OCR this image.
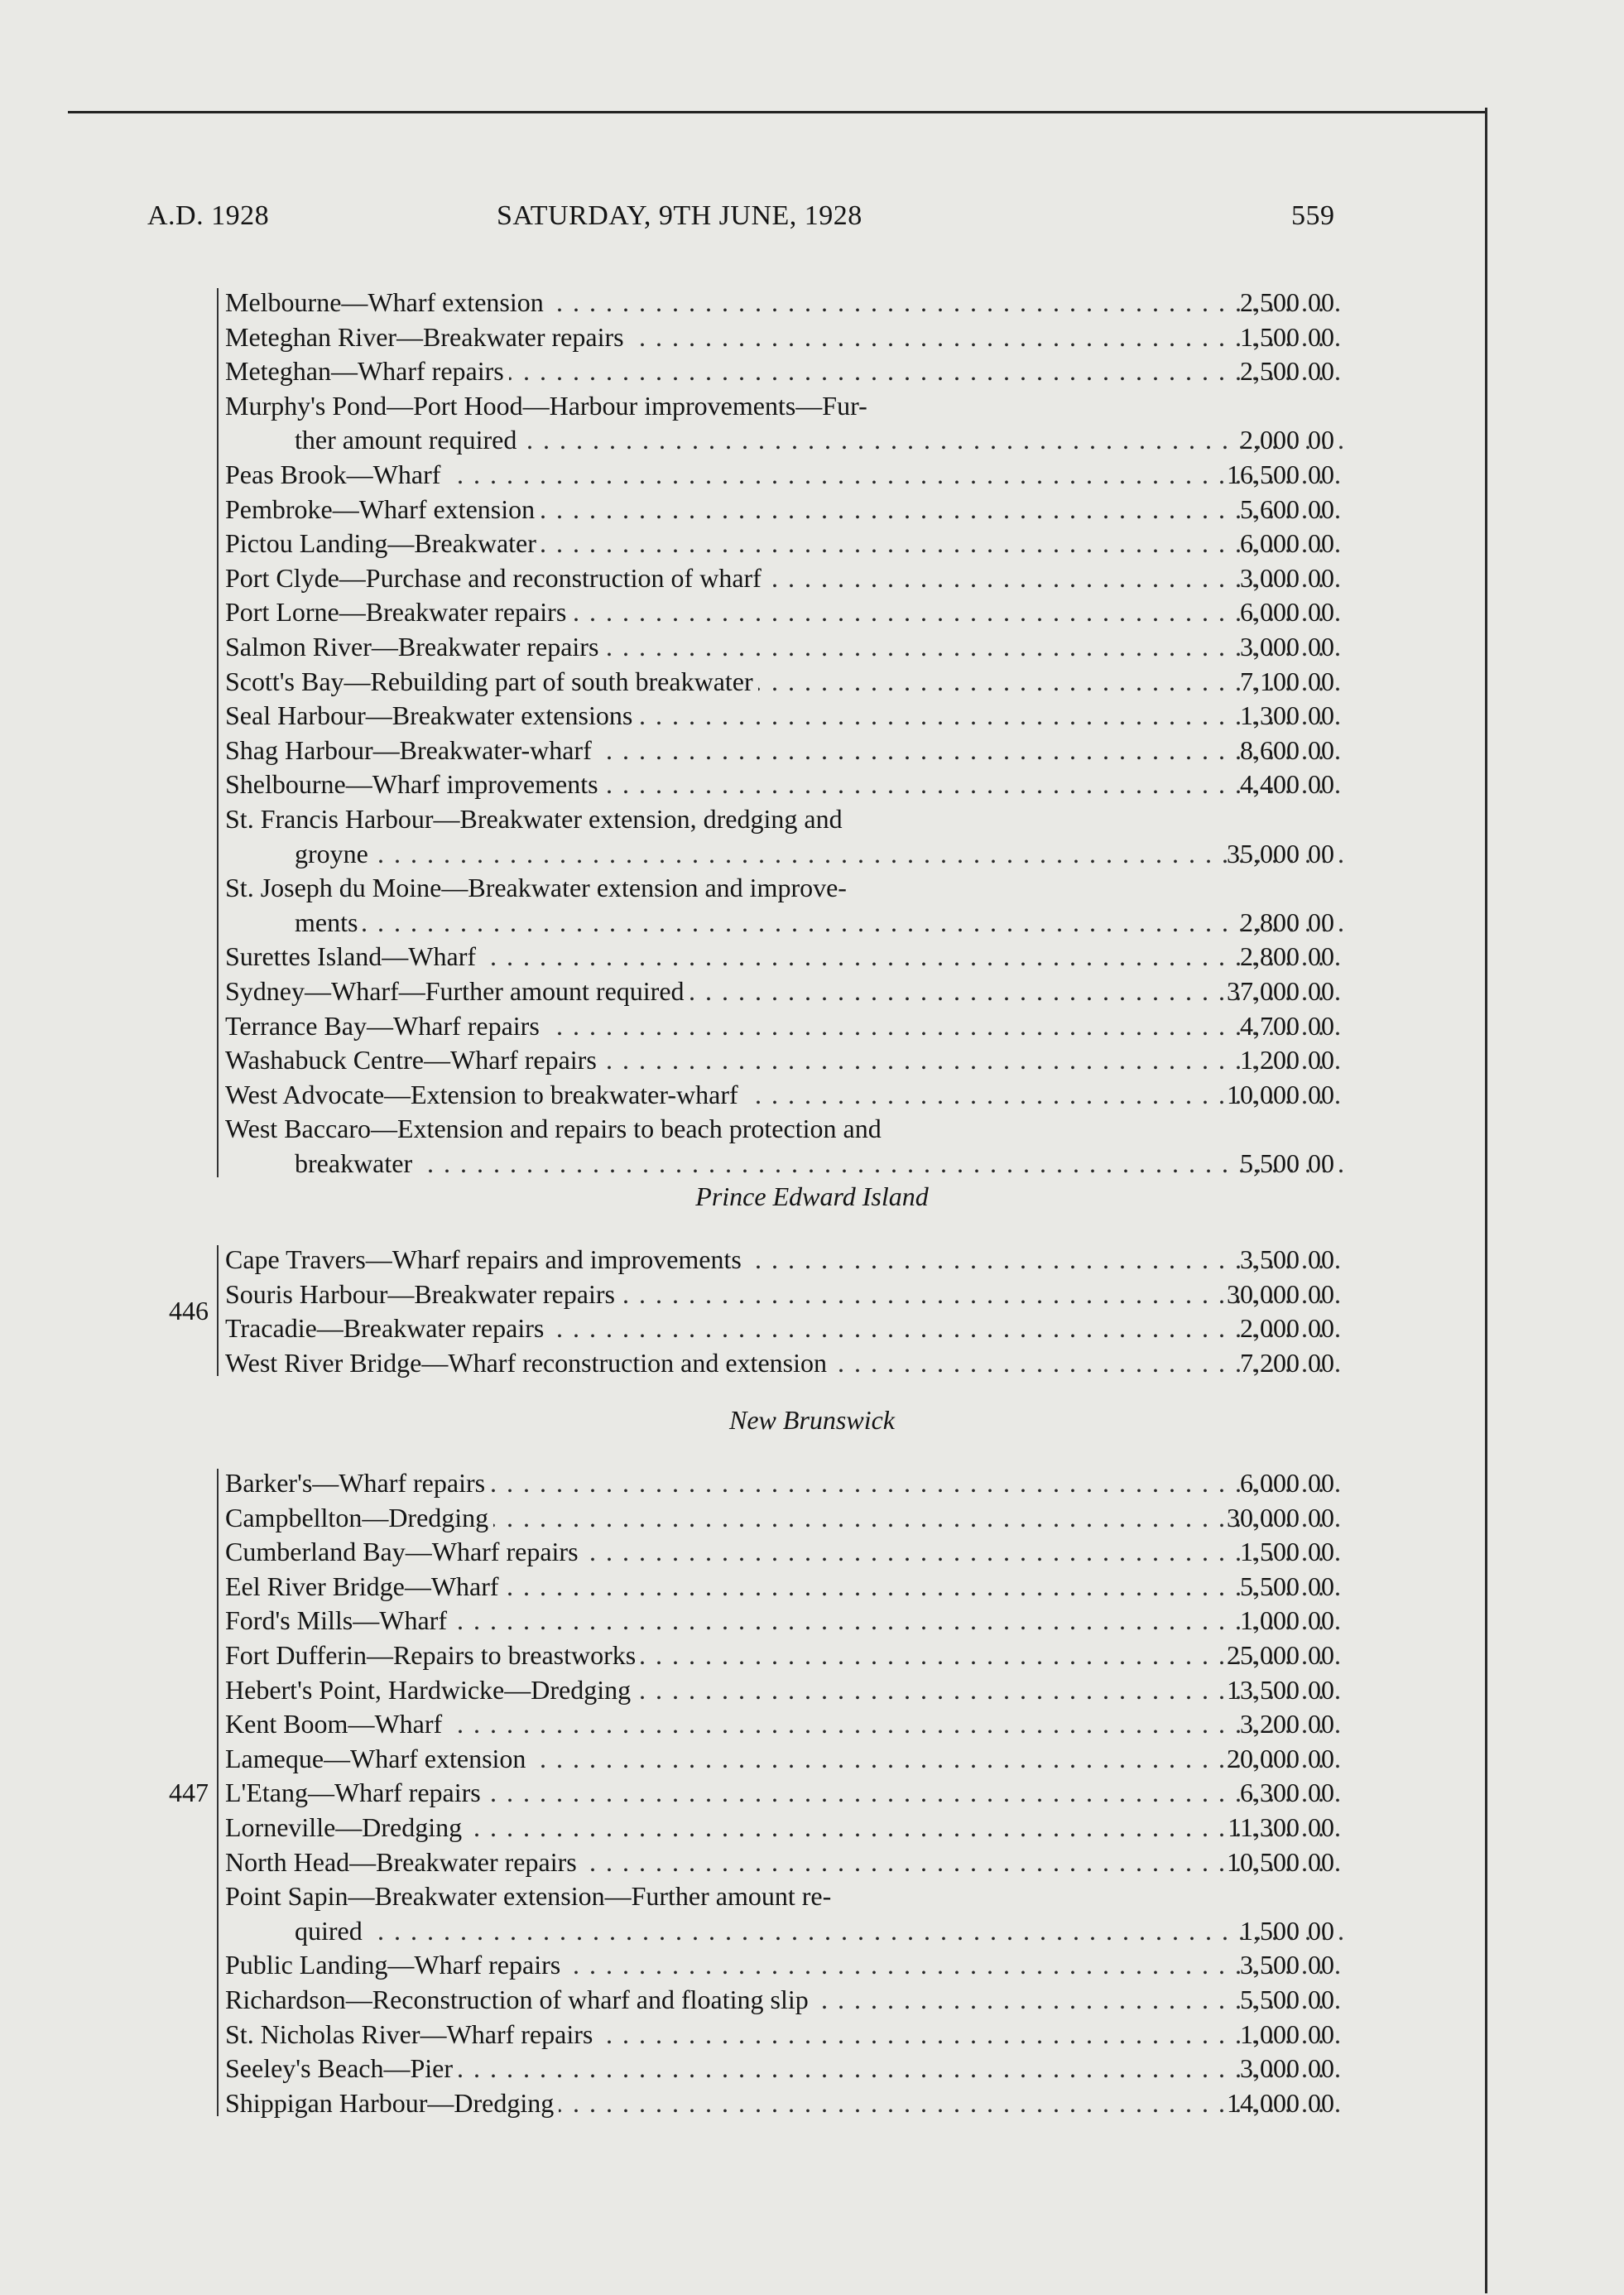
A.D. 1928	SATURDAY, 9TH JUNE, 1928	559
Melbourne—Wharf extension . . .	2,500 00
Meteghan River—Breakwater repairs . . .	1,500 00
Meteghan—Wharf repairs . . .	2,500 00
Murphy's Pond—Port Hood—Harbour improvements—Fur-
ther amount required . . .	2,000 00
Peas Brook—Wharf . . .	16,500 00
Pembroke—Wharf extension . . .	5,600 00
Pictou Landing—Breakwater . . .	6,000 00
Port Clyde—Purchase and reconstruction of wharf . . .	3,000 00
Port Lorne—Breakwater repairs . . .	6,000 00
Salmon River—Breakwater repairs . . .	3,000 00
Scott's Bay—Rebuilding part of south breakwater . . .	7,100 00
Seal Harbour—Breakwater extensions . . .	1,300 00
Shag Harbour—Breakwater-wharf . . .	8,600 00
Shelbourne—Wharf improvements . . .	4,400 00
St. Francis Harbour—Breakwater extension, dredging and
groyne . . .	35,000 00
St. Joseph du Moine—Breakwater extension and improve-
ments . . .	2,800 00
Surettes Island—Wharf . . .	2,800 00
Sydney—Wharf—Further amount required . . .	37,000 00
Terrance Bay—Wharf repairs . . .	4,700 00
Washabuck Centre—Wharf repairs . . .	1,200 00
West Advocate—Extension to breakwater-wharf . . .	10,000 00
West Baccaro—Extension and repairs to beach protection and
breakwater . . .	5,500 00
Prince Edward Island
Cape Travers—Wharf repairs and improvements . . .	3,500 00
Souris Harbour—Breakwater repairs . . .	30,000 00
Tracadie—Breakwater repairs . . .	2,000 00
West River Bridge—Wharf reconstruction and extension . . .	7,200 00
446
New Brunswick
Barker's—Wharf repairs . . .	6,000 00
Campbellton—Dredging . . .	30,000 00
Cumberland Bay—Wharf repairs . . .	1,500 00
Eel River Bridge—Wharf . . .	5,500 00
Ford's Mills—Wharf . . .	1,000 00
Fort Dufferin—Repairs to breastworks . . .	25,000 00
Hebert's Point, Hardwicke—Dredging . . .	13,500 00
Kent Boom—Wharf . . .	3,200 00
Lameque—Wharf extension . . .	20,000 00
L'Etang—Wharf repairs . . .	6,300 00
Lorneville—Dredging . . .	11,300 00
North Head—Breakwater repairs . . .	10,500 00
Point Sapin—Breakwater extension—Further amount re-
quired . . .	1,500 00
Public Landing—Wharf repairs . . .	3,500 00
Richardson—Reconstruction of wharf and floating slip . . .	5,500 00
St. Nicholas River—Wharf repairs . . .	1,000 00
Seeley's Beach—Pier . . .	3,000 00
Shippigan Harbour—Dredging . . .	14,000 00
447
